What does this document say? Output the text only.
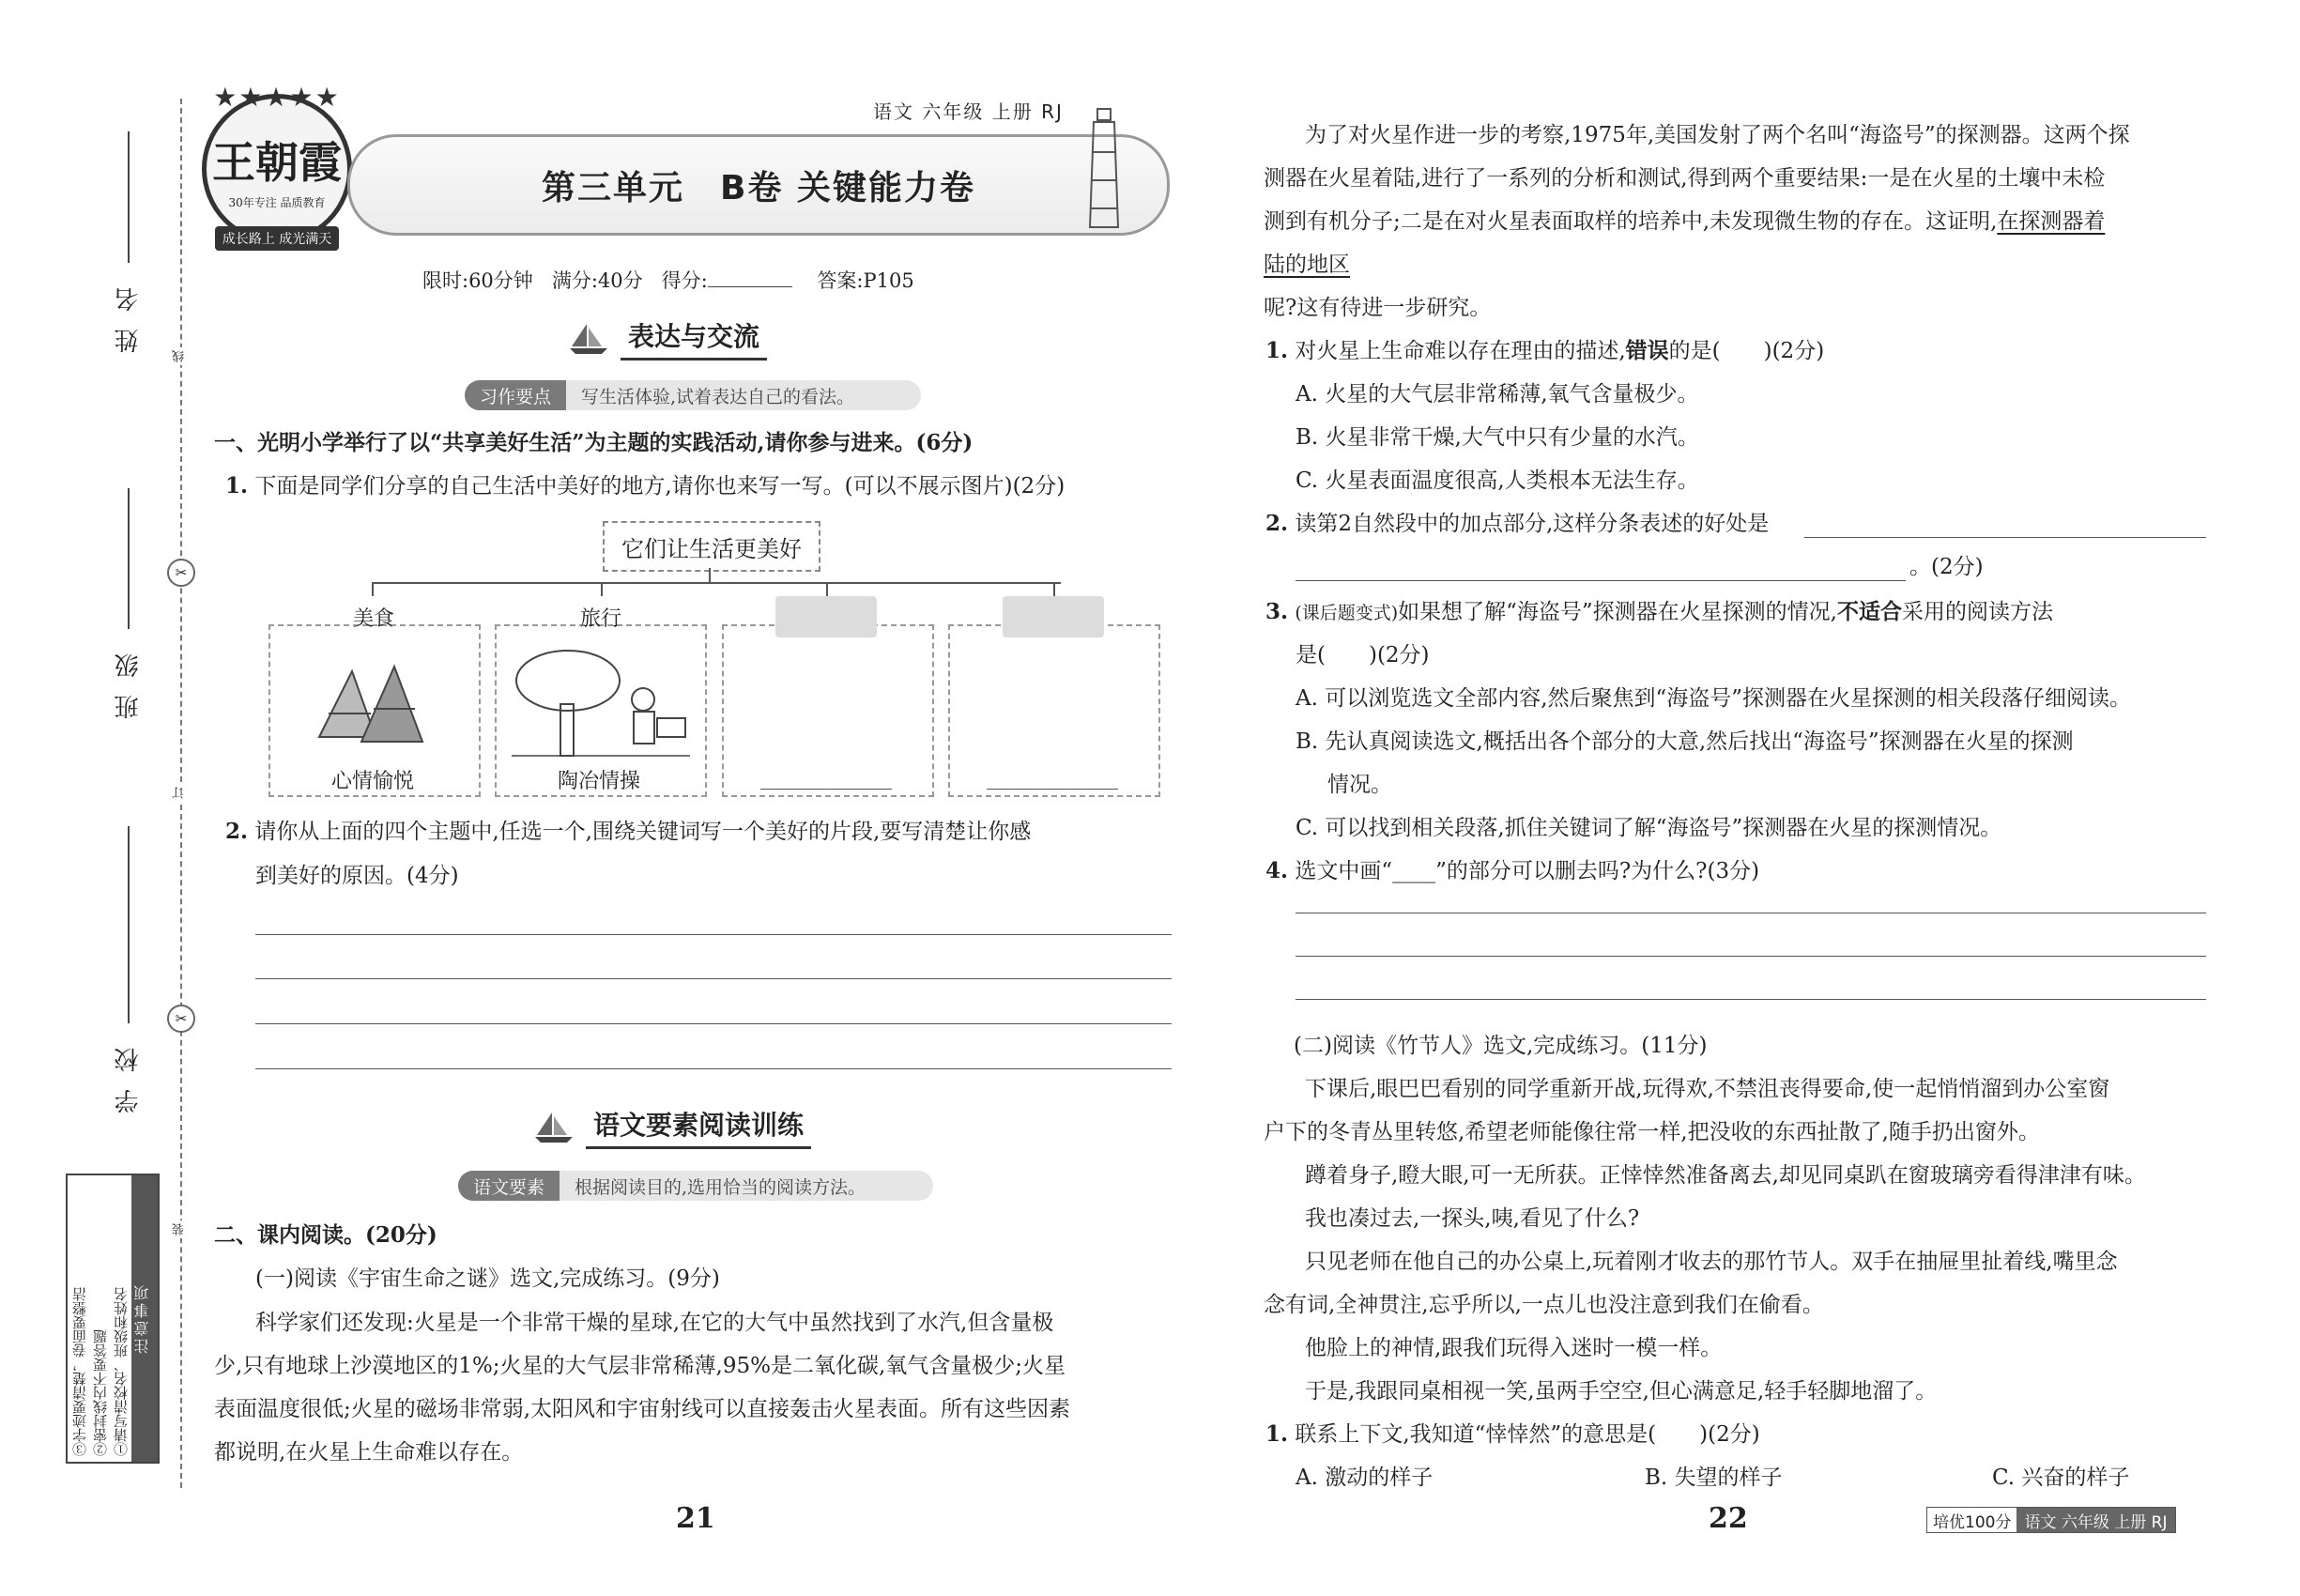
姓名
班级
学校
线
✂
订
✂
装
注意事项
①请写清校名、班级和姓名
②密封线内不要答题
③字迹要清楚，卷面要整洁
★★★★★
王朝霞
30年专注 品质教育
成长路上 成光满天
语文 六年级 上册 RJ
第三单元　B卷 关键能力卷
限时:60分钟 满分:40分 得分:	答案:P105
表达与交流
习作要点	写生活体验,试着表达自己的看法。
一、光明小学举行了以“共享美好生活”为主题的实践活动,请你参与进来。(6分)
1. 下面是同学们分享的自己生活中美好的地方,请你也来写一写。(可以不展示图片)(2分)
它们让生活更美好
美食	旅行
心情愉悦	陶冶情操
2. 请你从上面的四个主题中,任选一个,围绕关键词写一个美好的片段,要写清楚让你感
到美好的原因。(4分)
语文要素阅读训练
语文要素	根据阅读目的,选用恰当的阅读方法。
二、课内阅读。(20分)
(一)阅读《宇宙生命之谜》选文,完成练习。(9分)
科学家们还发现:火星是一个非常干燥的星球,在它的大气中虽然找到了水汽,但含量极
少,只有地球上沙漠地区的1%;火星的大气层非常稀薄,95%是二氧化碳,氧气含量极少;火星
表面温度很低;火星的磁场非常弱,太阳风和宇宙射线可以直接轰击火星表面。所有这些因素
都说明,在火星上生命难以存在。
21
为了对火星作进一步的考察,1975年,美国发射了两个名叫“海盗号”的探测器。这两个探
测器在火星着陆,进行了一系列的分析和测试,得到两个重要结果:一是在火星的土壤中未检
测到有机分子;二是在对火星表面取样的培养中,未发现微生物的存在。这证明,在探测器着
陆的地区
呢?这有待进一步研究。
1. 对火星上生命难以存在理由的描述,错误的是(　　)(2分)
A. 火星的大气层非常稀薄,氧气含量极少。
B. 火星非常干燥,大气中只有少量的水汽。
C. 火星表面温度很高,人类根本无法生存。
2. 读第2自然段中的加点部分,这样分条表述的好处是
。(2分)
3. (课后题变式)如果想了解“海盗号”探测器在火星探测的情况,不适合采用的阅读方法
是(　　)(2分)
A. 可以浏览选文全部内容,然后聚焦到“海盗号”探测器在火星探测的相关段落仔细阅读。
B. 先认真阅读选文,概括出各个部分的大意,然后找出“海盗号”探测器在火星的探测
情况。
C. 可以找到相关段落,抓住关键词了解“海盗号”探测器在火星的探测情况。
4. 选文中画“____”的部分可以删去吗?为什么?(3分)
(二)阅读《竹节人》选文,完成练习。(11分)
下课后,眼巴巴看别的同学重新开战,玩得欢,不禁沮丧得要命,使一起悄悄溜到办公室窗
户下的冬青丛里转悠,希望老师能像往常一样,把没收的东西扯散了,随手扔出窗外。
蹲着身子,瞪大眼,可一无所获。正悻悻然准备离去,却见同桌趴在窗玻璃旁看得津津有味。
我也凑过去,一探头,咦,看见了什么?
只见老师在他自己的办公桌上,玩着刚才收去的那竹节人。双手在抽屉里扯着线,嘴里念
念有词,全神贯注,忘乎所以,一点儿也没注意到我们在偷看。
他脸上的神情,跟我们玩得入迷时一模一样。
于是,我跟同桌相视一笑,虽两手空空,但心满意足,轻手轻脚地溜了。
1. 联系上下文,我知道“悻悻然”的意思是(　　)(2分)
A. 激动的样子	B. 失望的样子	C. 兴奋的样子
22	培优100分 语文 六年级 上册 RJ
